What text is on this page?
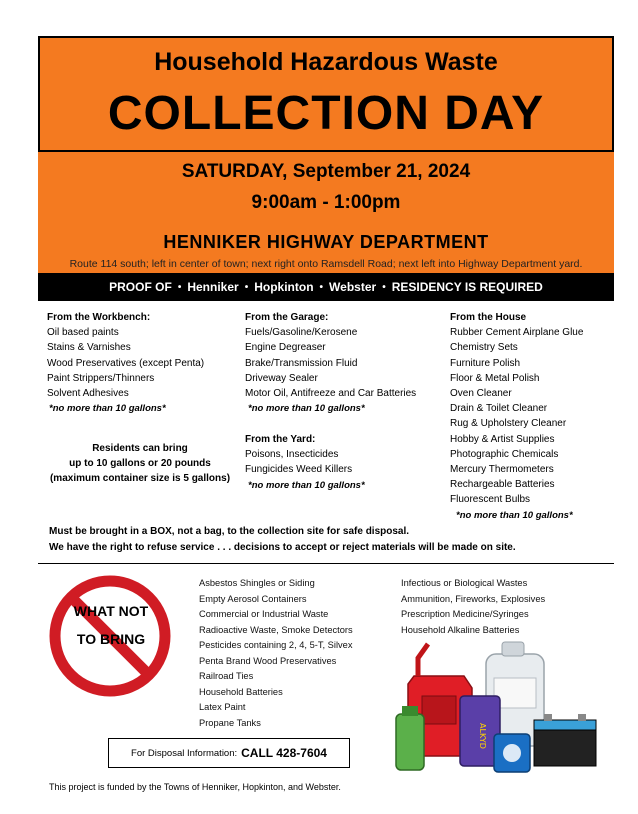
Household Hazardous Waste
COLLECTION DAY
SATURDAY, September 21, 2024
9:00am - 1:00pm
HENNIKER HIGHWAY DEPARTMENT
Route 114 south; left in center of town; next right onto Ramsdell Road; next left into Highway Department yard.
PROOF OF • Henniker • Hopkinton • Webster • RESIDENCY IS REQUIRED
From the Workbench:
Oil based paints
Stains & Varnishes
Wood Preservatives (except Penta)
Paint Strippers/Thinners
Solvent Adhesives
*no more than 10 gallons*
Residents can bring
up to 10 gallons or 20 pounds
(maximum container size is 5 gallons)
From the Garage:
Fuels/Gasoline/Kerosene
Engine Degreaser
Brake/Transmission Fluid
Driveway Sealer
Motor Oil, Antifreeze and Car Batteries
*no more than 10 gallons*
From the Yard:
Poisons, Insecticides
Fungicides Weed Killers
*no more than 10 gallons*
From the House
Rubber Cement Airplane Glue
Chemistry Sets
Furniture Polish
Floor & Metal Polish
Oven Cleaner
Drain & Toilet Cleaner
Rug & Upholstery Cleaner
Hobby & Artist Supplies
Photographic Chemicals
Mercury Thermometers
Rechargeable Batteries
Fluorescent Bulbs
*no more than 10 gallons*
Must be brought in a BOX, not a bag, to the collection site for safe disposal.
We have the right to refuse service . . . decisions to accept or reject materials will be made on site.
WHAT NOT
TO BRING
Asbestos Shingles or Siding
Empty Aerosol Containers
Commercial or Industrial Waste
Radioactive Waste, Smoke Detectors
Pesticides containing 2, 4, 5-T, Silvex
Penta Brand Wood Preservatives
Railroad Ties
Household Batteries
Latex Paint
Propane Tanks
Infectious or Biological Wastes
Ammunition, Fireworks, Explosives
Prescription Medicine/Syringes
Household Alkaline Batteries
ALKYD
For Disposal Information: CALL 428-7604
This project is funded by the Towns of Henniker, Hopkinton, and Webster.
